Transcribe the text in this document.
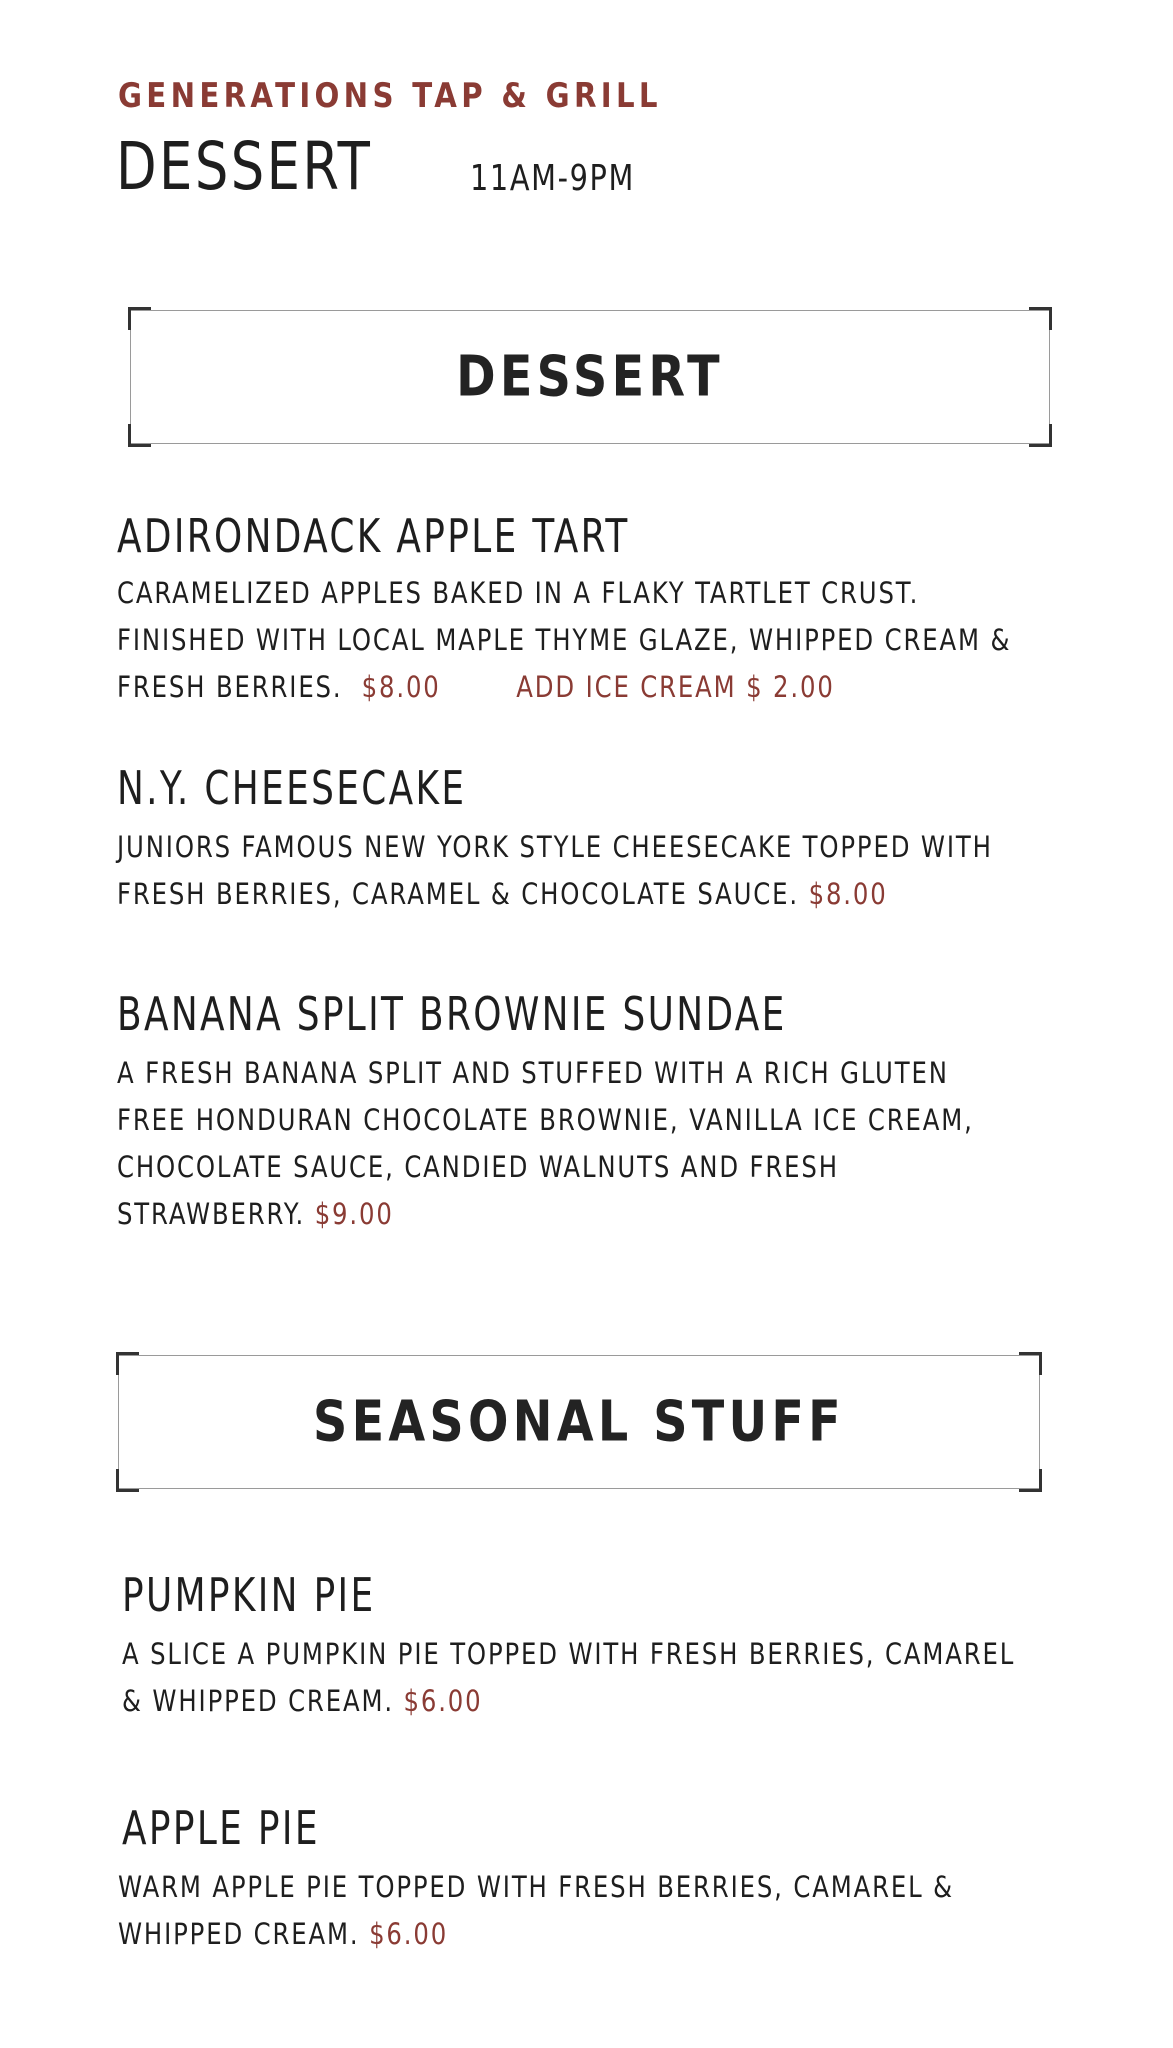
GENERATIONS TAP & GRILL
DESSERT	11AM-9PM
DESSERT
ADIRONDACK APPLE TART
CARAMELIZED APPLES BAKED IN A FLAKY TARTLET CRUST.
FINISHED WITH LOCAL MAPLE THYME GLAZE, WHIPPED CREAM &
FRESH BERRIES. $8.00	ADD ICE CREAM $ 2.00
N.Y. CHEESECAKE
JUNIORS FAMOUS NEW YORK STYLE CHEESECAKE TOPPED WITH
FRESH BERRIES, CARAMEL & CHOCOLATE SAUCE. $8.00
BANANA SPLIT BROWNIE SUNDAE
A FRESH BANANA SPLIT AND STUFFED WITH A RICH GLUTEN
FREE HONDURAN CHOCOLATE BROWNIE, VANILLA ICE CREAM,
CHOCOLATE SAUCE, CANDIED WALNUTS AND FRESH
STRAWBERRY. $9.00
SEASONAL STUFF
PUMPKIN PIE
A SLICE A PUMPKIN PIE TOPPED WITH FRESH BERRIES, CAMAREL
& WHIPPED CREAM. $6.00
APPLE PIE
WARM APPLE PIE TOPPED WITH FRESH BERRIES, CAMAREL &
WHIPPED CREAM. $6.00
